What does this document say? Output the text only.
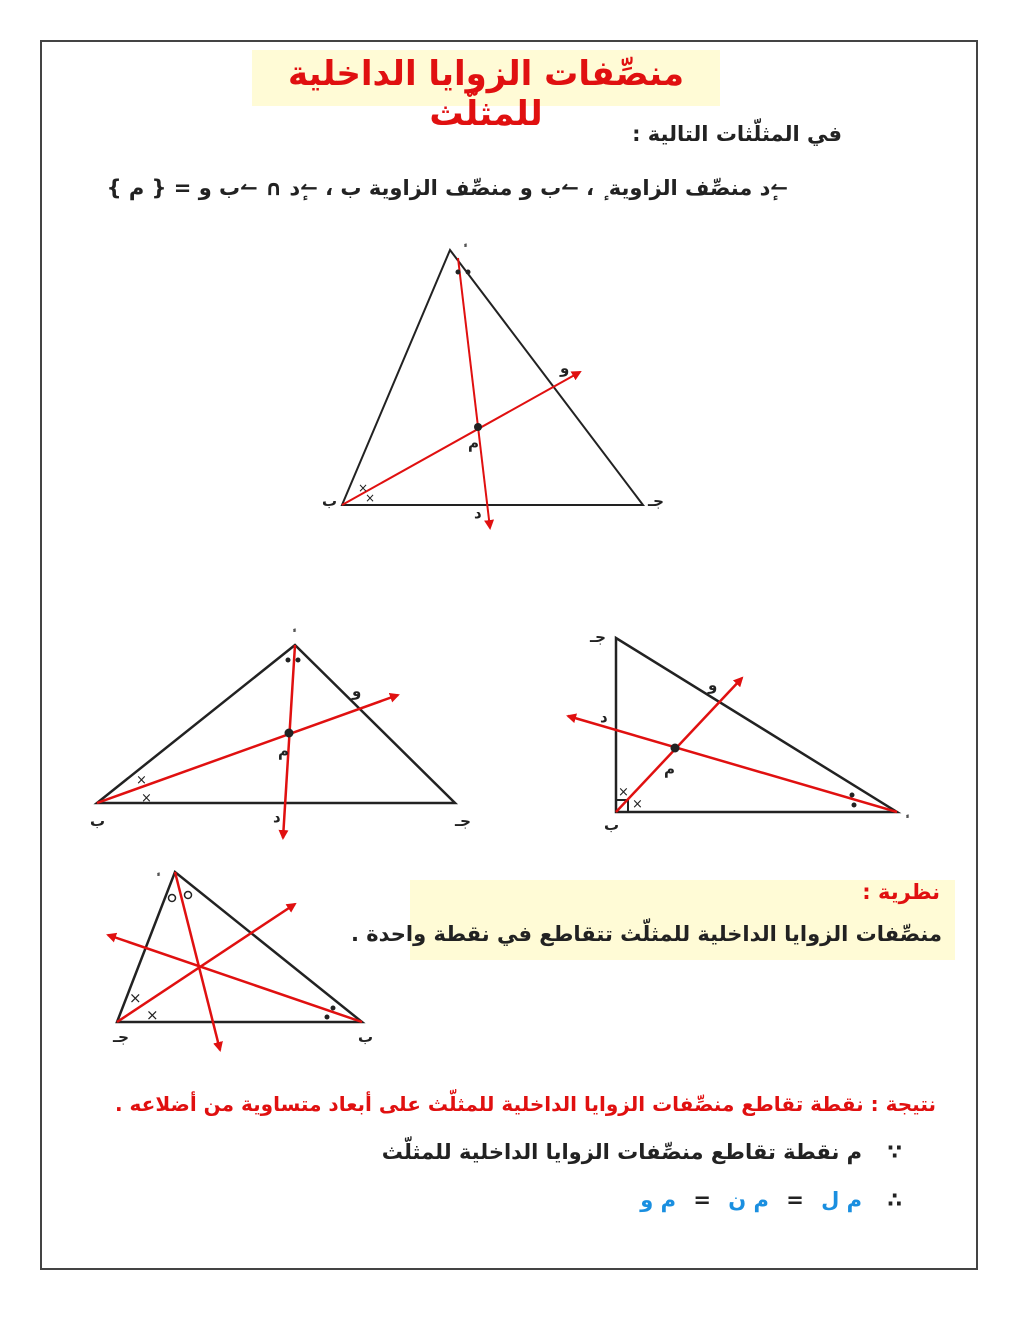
منصِّفات الزوايا الداخلية للمثلّث	في المثلّثات التالية :
↼ٕد منصِّف الزاوية ٕ ، ↼ب و منصِّف الزاوية ب ، ↼ٕد ∩ ↼ب و = { م }
×
×
ب	جـ
د
و
م
×
×
ب	جـ
د
و
م
×
×
جـ
ب
د
و
م
×
×
جـ	ب
نظرية :
منصِّفات الزوايا الداخلية للمثلّث تتقاطع في نقطة واحدة .
نتيجة : نقطة تقاطع منصِّفات الزوايا الداخلية للمثلّث على أبعاد متساوية من أضلاعه .
∵ م نقطة تقاطع منصِّفات الزوايا الداخلية للمثلّث
∴ م ل = م ن = م و
